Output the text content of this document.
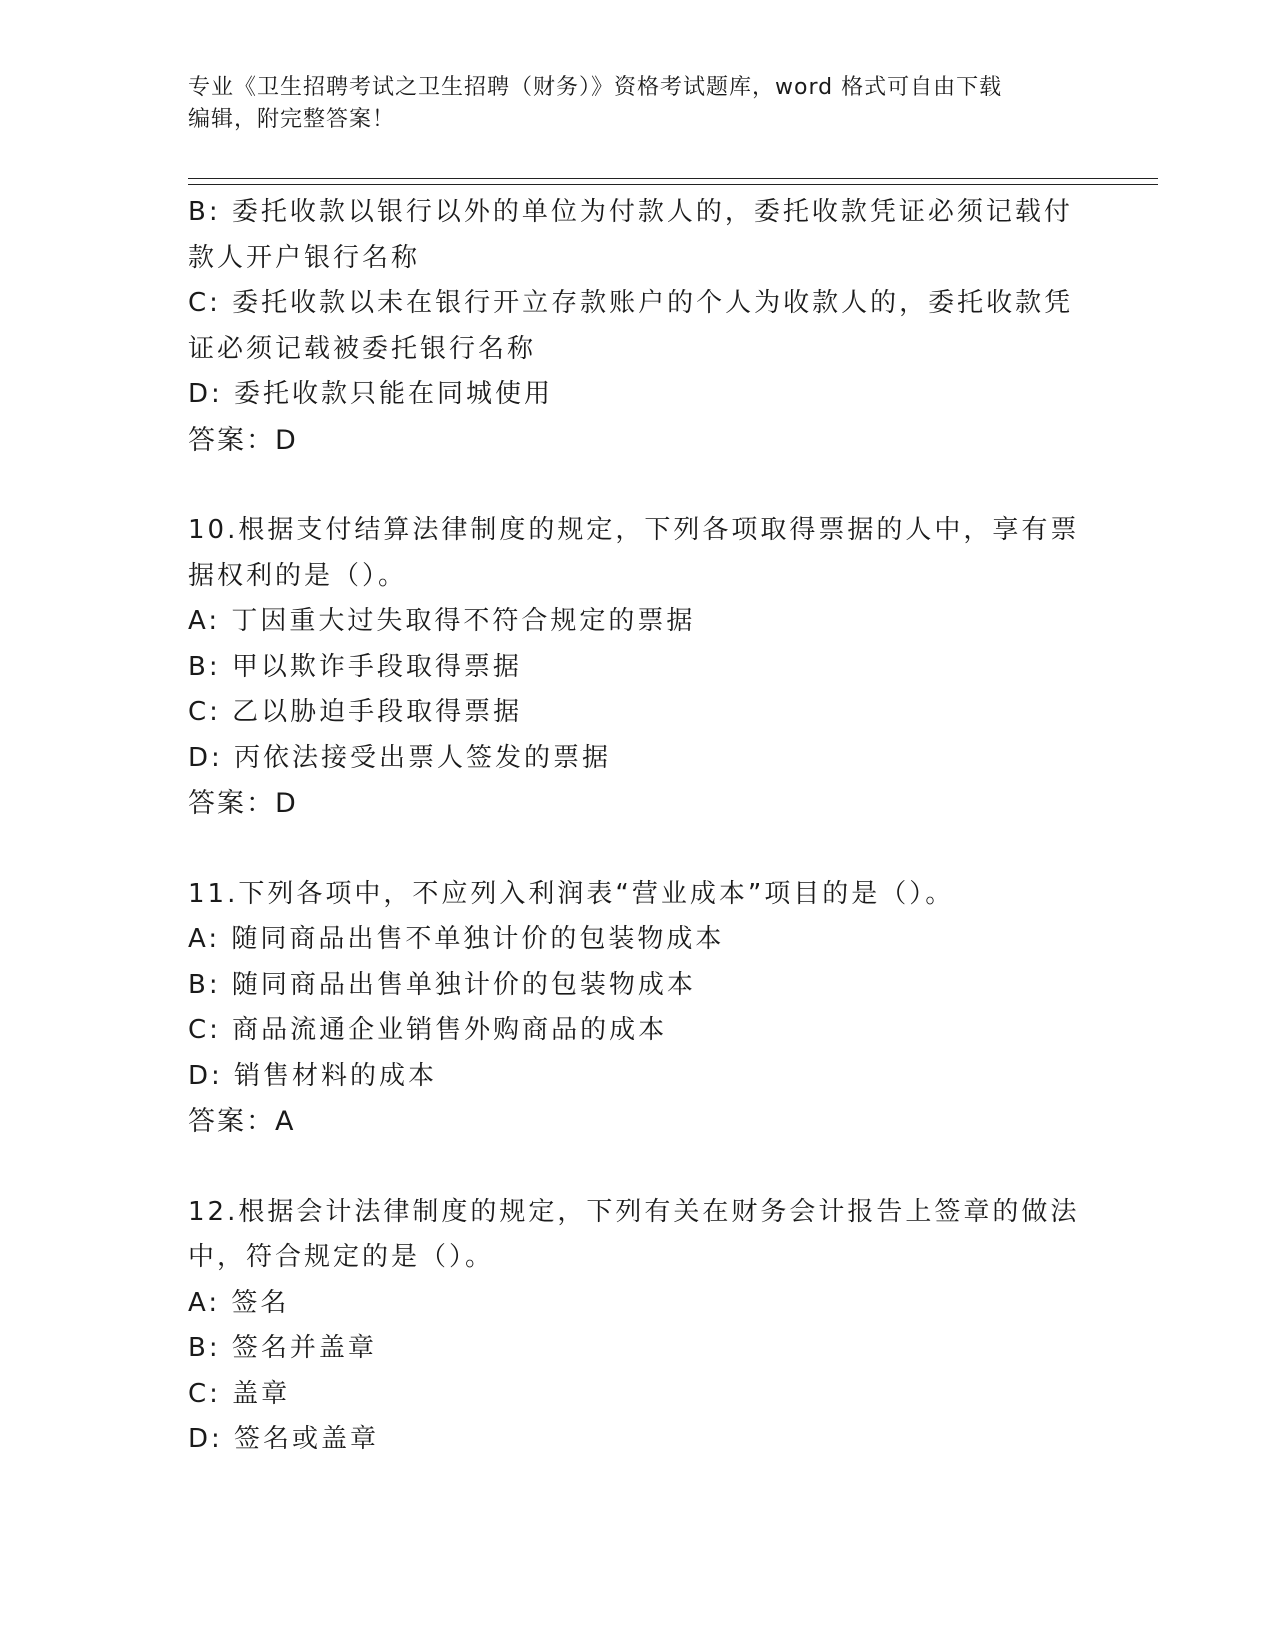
专业《卫生招聘考试之卫生招聘（财务）》资格考试题库，word 格式可自由下载
编辑，附完整答案！
B: 委托收款以银行以外的单位为付款人的，委托收款凭证必须记载付
款人开户银行名称
C: 委托收款以未在银行开立存款账户的个人为收款人的，委托收款凭
证必须记载被委托银行名称
D: 委托收款只能在同城使用
答案：D
10.根据支付结算法律制度的规定，下列各项取得票据的人中，享有票
据权利的是（）。
A: 丁因重大过失取得不符合规定的票据
B: 甲以欺诈手段取得票据
C: 乙以胁迫手段取得票据
D: 丙依法接受出票人签发的票据
答案：D
11.下列各项中，不应列入利润表“营业成本”项目的是（）。
A: 随同商品出售不单独计价的包装物成本
B: 随同商品出售单独计价的包装物成本
C: 商品流通企业销售外购商品的成本
D: 销售材料的成本
答案：A
12.根据会计法律制度的规定，下列有关在财务会计报告上签章的做法
中，符合规定的是（）。
A: 签名
B: 签名并盖章
C: 盖章
D: 签名或盖章
